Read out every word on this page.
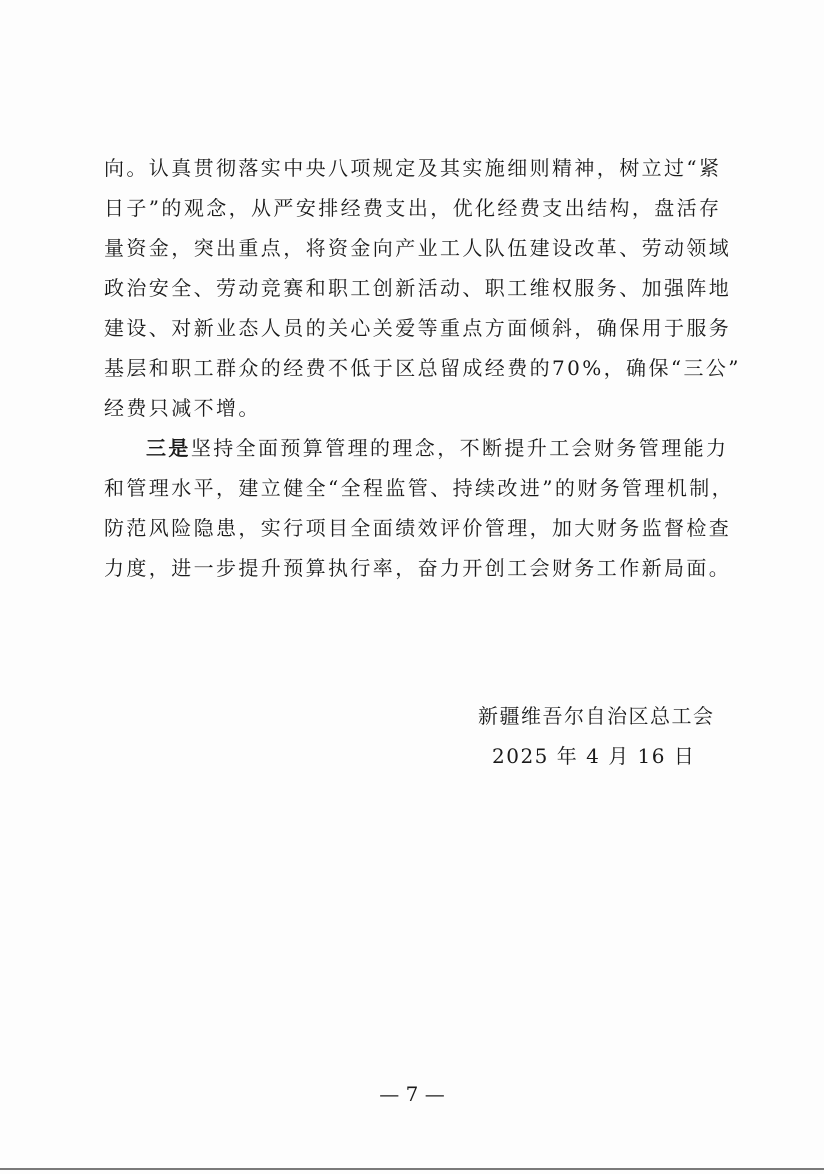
向。认真贯彻落实中央八项规定及其实施细则精神，树立过“紧
日子”的观念，从严安排经费支出，优化经费支出结构，盘活存
量资金，突出重点，将资金向产业工人队伍建设改革、劳动领域
政治安全、劳动竞赛和职工创新活动、职工维权服务、加强阵地
建设、对新业态人员的关心关爱等重点方面倾斜，确保用于服务
基层和职工群众的经费不低于区总留成经费的70%，确保“三公”
经费只减不增。
三是坚持全面预算管理的理念，不断提升工会财务管理能力
和管理水平，建立健全“全程监管、持续改进”的财务管理机制，
防范风险隐患，实行项目全面绩效评价管理，加大财务监督检查
力度，进一步提升预算执行率，奋力开创工会财务工作新局面。
新疆维吾尔自治区总工会
2025 年 4 月 16 日
— 7 —
